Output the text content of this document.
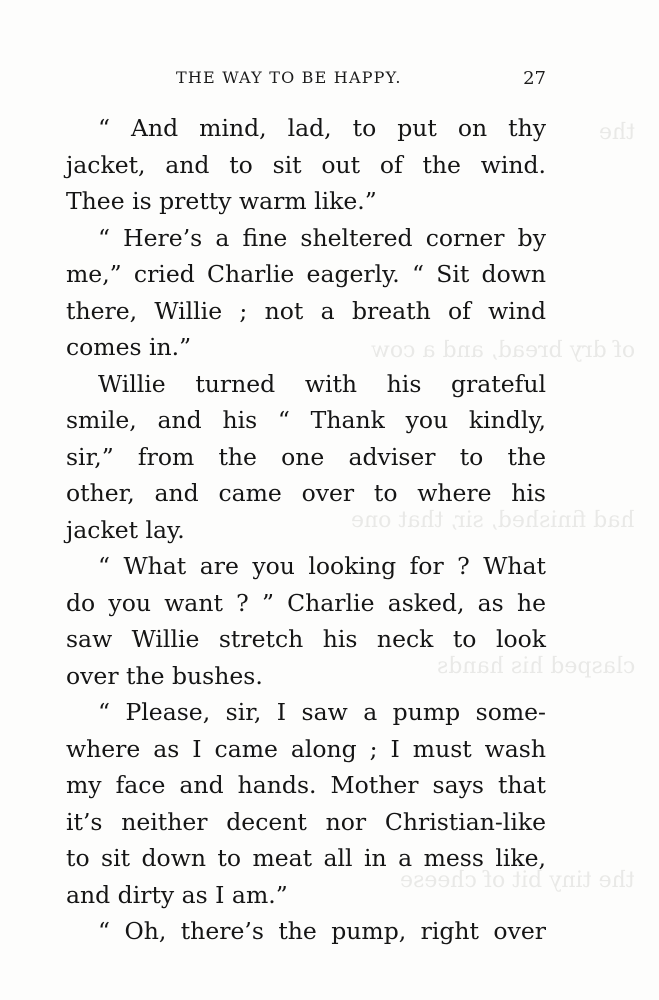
the
of dry bread, and a cow
had finished, sir, that one
clasped his hands
the tiny bit of cheese
THE WAY TO BE HAPPY.	27
“ And mind, lad, to put on thy
jacket, and to sit out of the wind.
Thee is pretty warm like.”
“ Here’s a fine sheltered corner by
me,” cried Charlie eagerly. “ Sit down
there, Willie ; not a breath of wind
comes in.”
Willie turned with his grateful
smile, and his “ Thank you kindly,
sir,” from the one adviser to the
other, and came over to where his
jacket lay.
“ What are you looking for ? What
do you want ? ” Charlie asked, as he
saw Willie stretch his neck to look
over the bushes.
“ Please, sir, I saw a pump some-
where as I came along ; I must wash
my face and hands. Mother says that
it’s neither decent nor Christian-like
to sit down to meat all in a mess like,
and dirty as I am.”
“ Oh, there’s the pump, right over
